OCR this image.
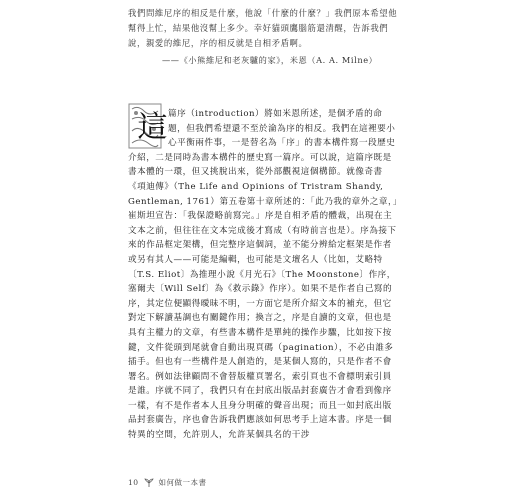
我們問維尼序的相反是什麼，他說「什麼的什麼？」我們原本希望他幫得上忙，結果他沒幫上多少。幸好貓頭鷹腦筋還清醒，告訴我們說，親愛的維尼，序的相反就是自相矛盾啊。

——《小熊維尼和老灰驢的家》，米恩（A. A. Milne）

這篇序（introduction）將如米恩所述，是個矛盾的命題，但我們希望還不至於淪為序的相反。我們在這裡要小心平衡兩件事，一是替名為「序」的書本構件寫一段歷史介紹，二是同時為書本構件的歷史寫一篇序。可以說，這篇序既是書本體的一環，但又挑脫出來，從外部觀視這個構節。就像奇書《項迪傳》（The Life and Opinions of Tristram Shandy, Gentleman, 1761）第五卷第十章所述的：「此乃我的章外之章，」崔斯坦宣告：「我保證略前寫完。」序是自相矛盾的體裁，出現在主文本之前，但往往在文本完成後才寫成（有時前言也是）。序為接下來的作品框定架構，但完整序這個詞，並不能分辨給定框架是作者或另有其人——可能是編輯，也可能是文壇名人（比如，艾略特〔T.S. Eliot〕為推理小說《月光石》〔The Moonstone〕作序，塞爾夫〔Will Self〕為《救示錄》作序）。如果不是作者自己寫的序，其定位便顯得曖昧不明，一方面它是所介紹文本的補充，但它對定下解讀基調也有關鍵作用；換言之，序是自讀的文章，但也是具有主權力的文章，有些書本構件是單純的操作步驟，比如按下按鍵，文件從頭到尾就會自動出現頁碼（pagination），不必由誰多插手。但也有一些構件是人創造的，是某個人寫的，只是作者不會署名。例如法律顧問不會替版權頁署名，索引頁也不會標明索引員是誰。序就不同了，我們只有在封底出版品封套廣告才會看到像序一樣，有不是作者本人且身分明確的聲音出現；而且一如封底出版品封套廣告，序也會告訴我們應該如何思考手上這本書。序是一個特異的空間，允許別人，允許某個具名的干涉

10	如何做一本書
